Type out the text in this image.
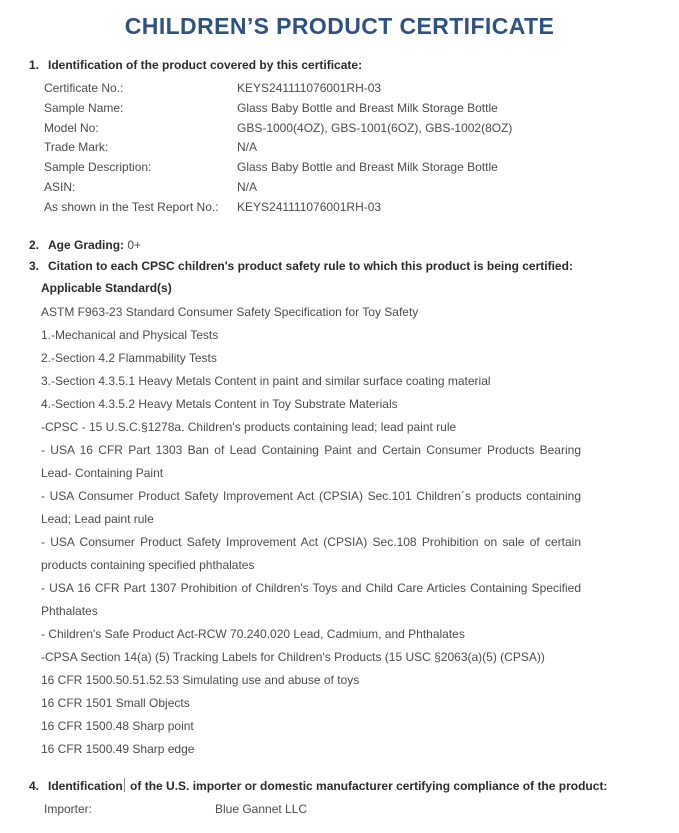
CHILDREN’S PRODUCT CERTIFICATE
1. Identification of the product covered by this certificate:
Certificate No.:	KEYS241111076001RH-03
Sample Name:	Glass Baby Bottle and Breast Milk Storage Bottle
Model No:	GBS-1000(4OZ), GBS-1001(6OZ), GBS-1002(8OZ)
Trade Mark:	N/A
Sample Description:	Glass Baby Bottle and Breast Milk Storage Bottle
ASIN:	N/A
As shown in the Test Report No.: KEYS241111076001RH-03
2. Age Grading: 0+
3. Citation to each CPSC children's product safety rule to which this product is being certified:
Applicable Standard(s)

ASTM F963-23 Standard Consumer Safety Specification for Toy Safety

1.-Mechanical and Physical Tests

2.-Section 4.2 Flammability Tests

3.-Section 4.3.5.1 Heavy Metals Content in paint and similar surface coating material

4.-Section 4.3.5.2 Heavy Metals Content in Toy Substrate Materials

-CPSC - 15 U.S.C.§1278a. Children's products containing lead; lead paint rule

- USA 16 CFR Part 1303 Ban of Lead Containing Paint and Certain Consumer Products Bearing Lead- Containing Paint

- USA Consumer Product Safety Improvement Act (CPSIA) Sec.101 Children´s products containing Lead; Lead paint rule

- USA Consumer Product Safety Improvement Act (CPSIA) Sec.108 Prohibition on sale of certain products containing specified phthalates

- USA 16 CFR Part 1307 Prohibition of Children's Toys and Child Care Articles Containing Specified Phthalates

- Children's Safe Product Act-RCW 70.240.020 Lead, Cadmium, and Phthalates

-CPSA Section 14(a) (5) Tracking Labels for Children's Products (15 USC §2063(a)(5) (CPSA))

16 CFR 1500.50.51.52.53 Simulating use and abuse of toys

16 CFR 1501 Small Objects

16 CFR 1500.48 Sharp point

16 CFR 1500.49 Sharp edge

4. Identification of the U.S. importer or domestic manufacturer certifying compliance of the product:
Importer:	Blue Gannet LLC
